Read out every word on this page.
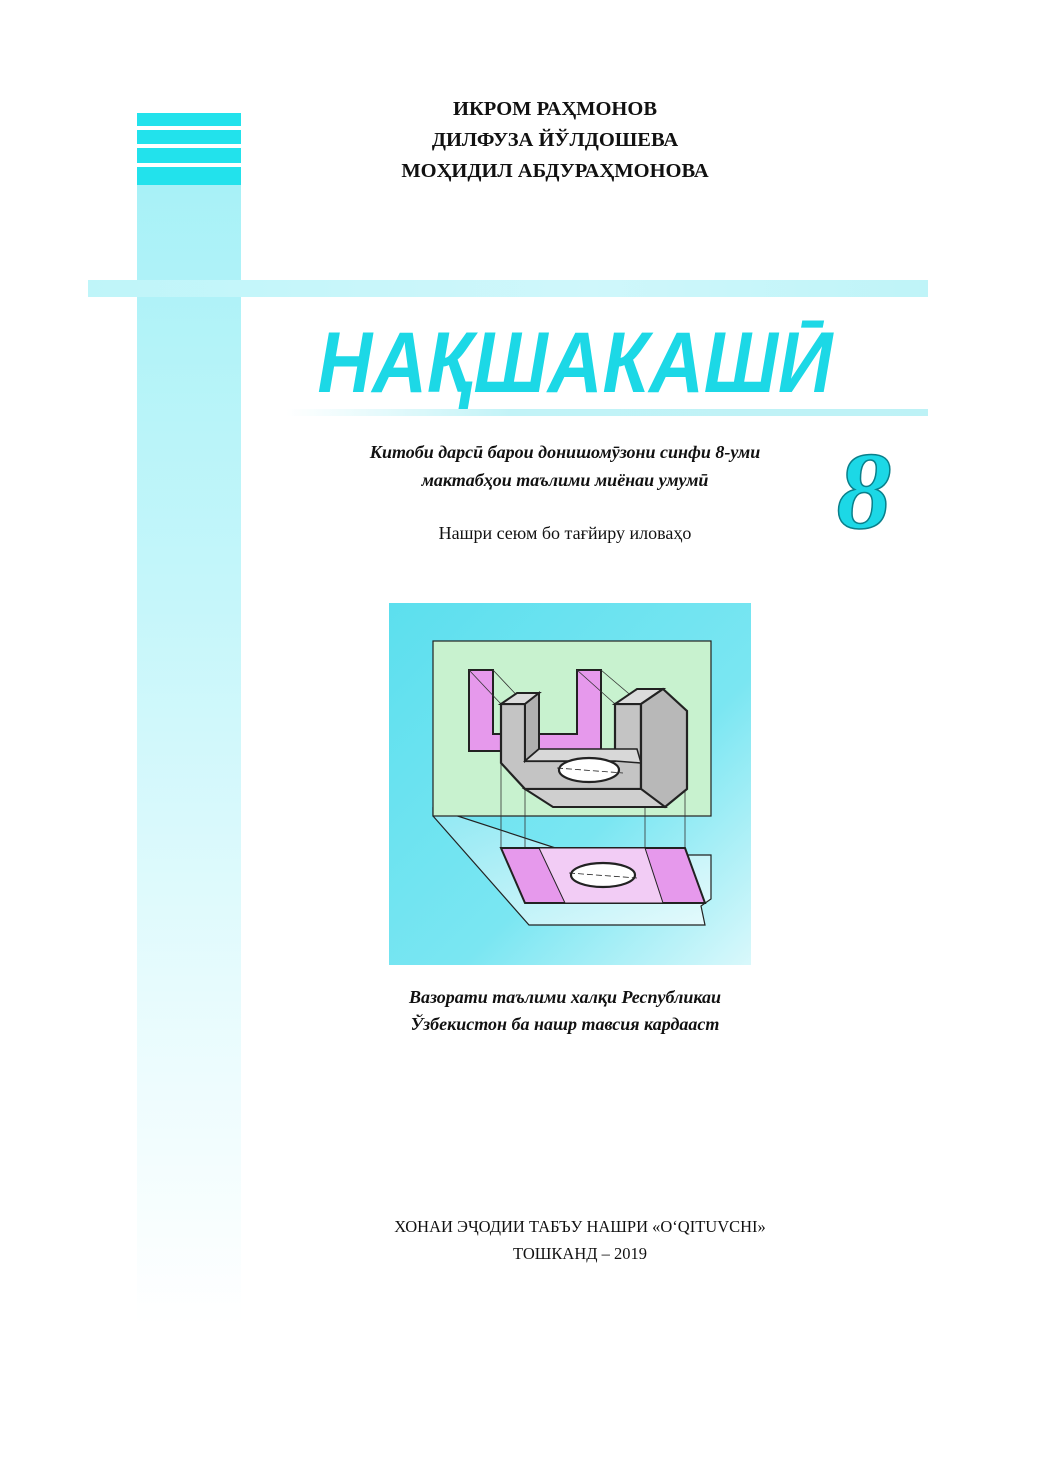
ИКРОМ РАҲМОНОВ
ДИЛФУЗА ЙЎЛДОШЕВА
МОҲИДИЛ АБДУРАҲМОНОВА
НАҚШАКАШӢ
Китоби дарсӣ барои донишомӯзони синфи 8-уми
мактабҳои таълими миёнаи умумӣ
Нашри сеюм бо тағйиру иловаҳо	8
Вазорати таълими халқи Республикаи
Ўзбекистон ба нашр тавсия кардааст
ХОНАИ ЭҶОДИИ ТАБЪУ НАШРИ «O‘QITUVCHI»
ТОШКАНД – 2019
